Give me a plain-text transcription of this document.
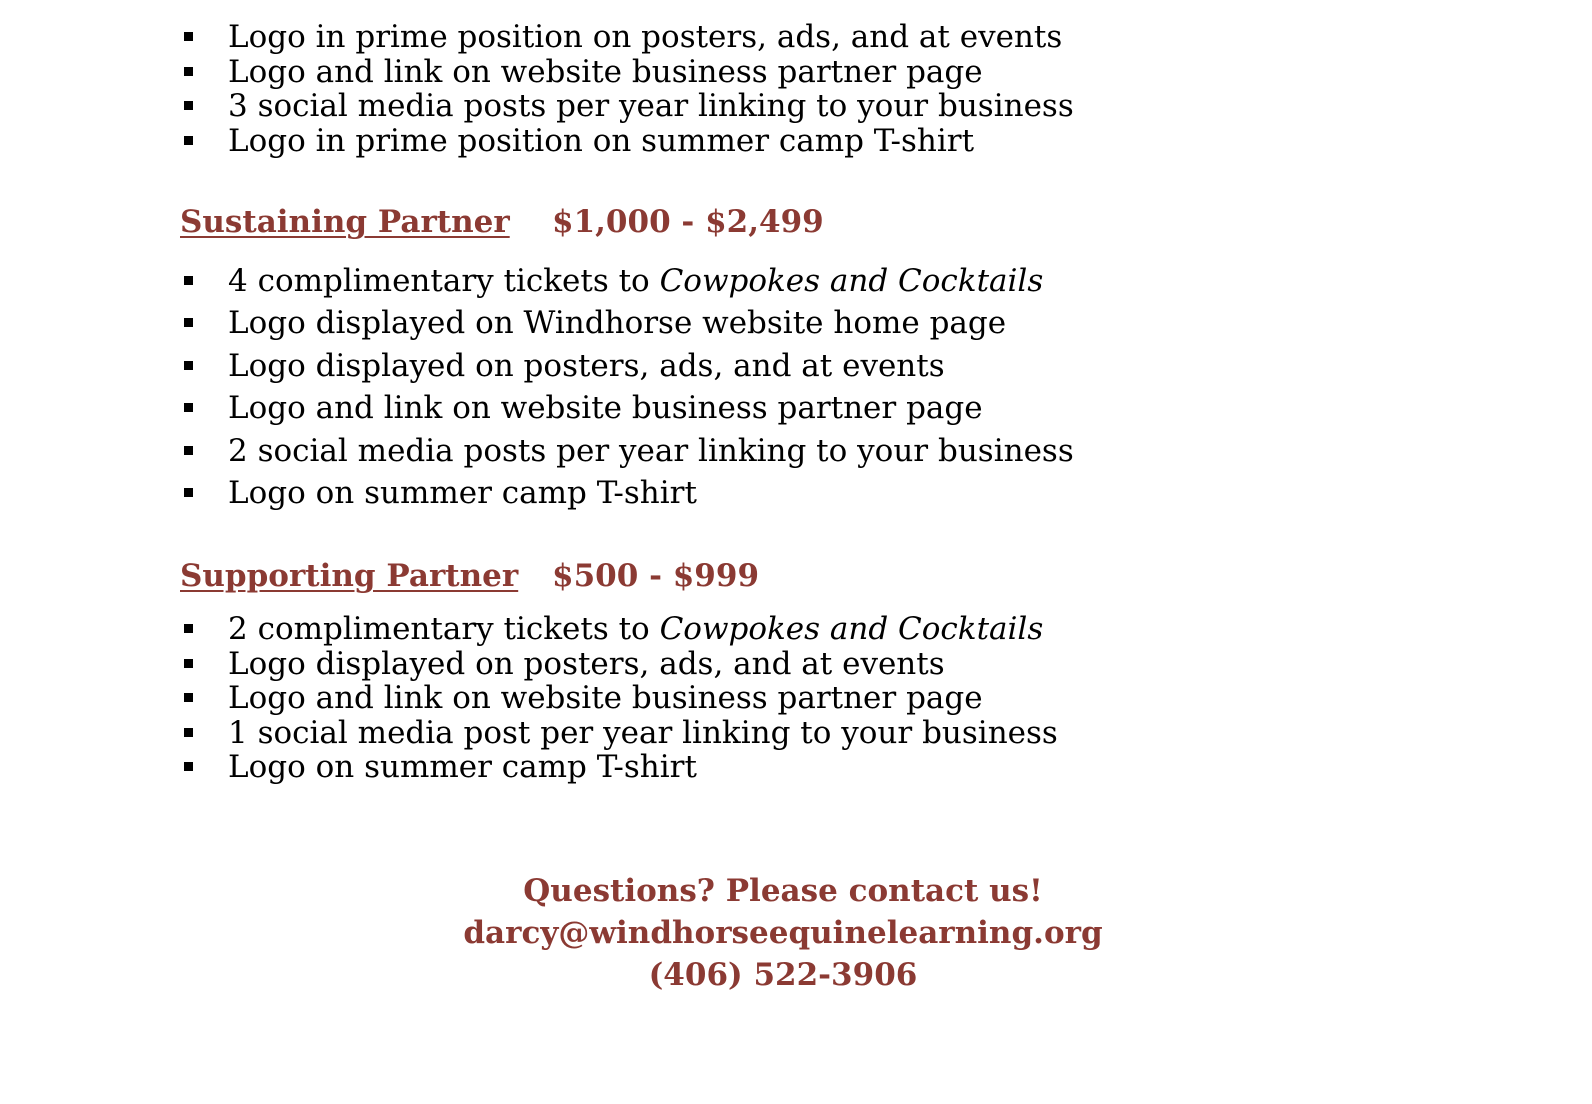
Logo in prime position on posters, ads, and at events
Logo and link on website business partner page
3 social media posts per year linking to your business
Logo in prime position on summer camp T-shirt
Sustaining Partner $1,000 - $2,499
4 complimentary tickets to Cowpokes and Cocktails
Logo displayed on Windhorse website home page
Logo displayed on posters, ads, and at events
Logo and link on website business partner page
2 social media posts per year linking to your business
Logo on summer camp T-shirt
Supporting Partner $500 - $999
2 complimentary tickets to Cowpokes and Cocktails
Logo displayed on posters, ads, and at events
Logo and link on website business partner page
1 social media post per year linking to your business
Logo on summer camp T-shirt
Questions? Please contact us!
darcy@windhorseequinelearning.org
(406) 522-3906
